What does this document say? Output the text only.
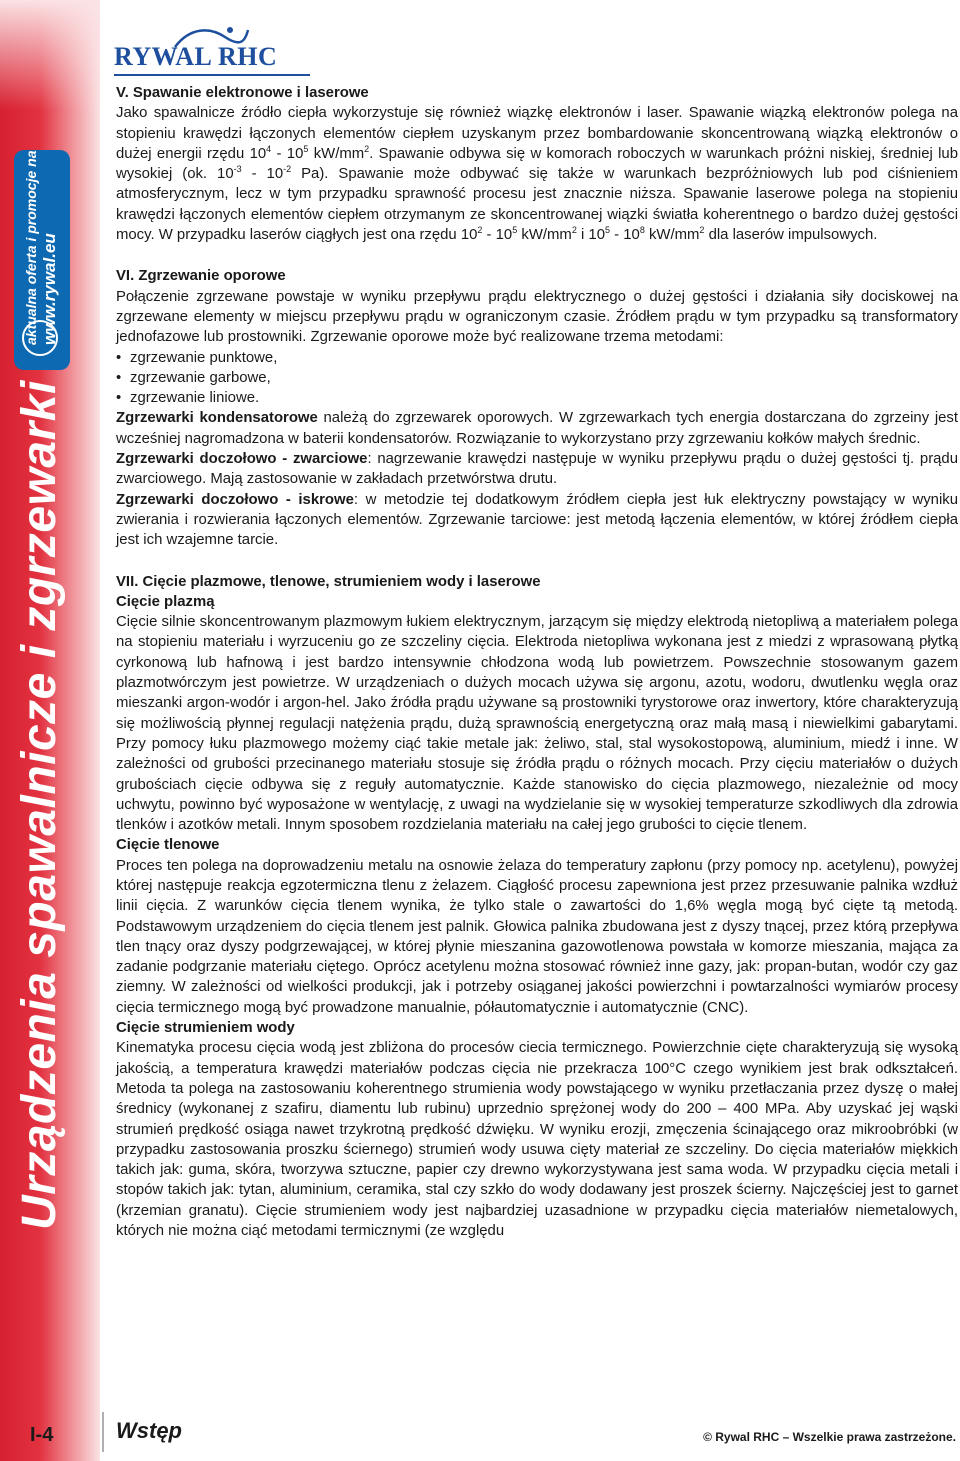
aktualna oferta i promocje na www.rywal.eu
Urządzenia spawalnicze i zgrzewarki
I-4
RYWAL RHC

V. Spawanie elektronowe i laserowe

Jako spawalnicze źródło ciepła wykorzystuje się również wiązkę elektronów i laser. Spawanie wiązką elektronów polega na stopieniu krawędzi łączonych elementów ciepłem uzyskanym przez bombardowanie skoncentrowaną wiązką elektronów o dużej energii rzędu $10^4 - 10^5$ $kW/mm^2$. Spawanie odbywa się w komorach roboczych w warunkach próżni niskiej, średniej lub wysokiej (ok. $10^{-3} - 10^{-2}$ Pa). Spawanie może odbywać się także w warunkach bezpróżniowych lub pod ciśnieniem atmosferycznym, lecz w tym przypadku sprawność procesu jest znacznie niższa. Spawanie laserowe polega na stopieniu krawędzi łączonych elementów ciepłem otrzymanym ze skoncentrowanej wiązki światła koherentnego o bardzo dużej gęstości mocy. W przypadku laserów ciągłych jest ona rzędu $10^2 - 10^5$ $kW/mm^2$ i $10^5 - 10^8$ $kW/mm^2$ dla laserów impulsowych.

VI. Zgrzewanie oporowe

Połączenie zgrzewane powstaje w wyniku przepływu prądu elektrycznego o dużej gęstości i działania siły dociskowej na zgrzewane elementy w miejscu przepływu prądu w ograniczonym czasie. Źródłem prądu w tym przypadku są transformatory jednofazowe lub prostowniki. Zgrzewanie oporowe może być realizowane trzema metodami:

• zgrzewanie punktowe,
• zgrzewanie garbowe,
• zgrzewanie liniowe.

Zgrzewarki kondensatorowe należą do zgrzewarek oporowych. W zgrzewarkach tych energia dostarczana do zgrzeiny jest wcześniej nagromadzona w baterii kondensatorów. Rozwiązanie to wykorzystano przy zgrzewaniu kołków małych średnic.

Zgrzewarki doczołowo - zwarciowe: nagrzewanie krawędzi następuje w wyniku przepływu prądu o dużej gęstości tj. prądu zwarciowego. Mają zastosowanie w zakładach przetwórstwa drutu.

Zgrzewarki doczołowo - iskrowe: w metodzie tej dodatkowym źródłem ciepła jest łuk elektryczny powstający w wyniku zwierania i rozwierania łączonych elementów. Zgrzewanie tarciowe: jest metodą łączenia elementów, w której źródłem ciepła jest ich wzajemne tarcie.

VII. Cięcie plazmowe, tlenowe, strumieniem wody i laserowe

Cięcie plazmą

Cięcie silnie skoncentrowanym plazmowym łukiem elektrycznym, jarzącym się między elektrodą nietopliwą a materiałem polega na stopieniu materiału i wyrzuceniu go ze szczeliny cięcia. Elektroda nietopliwa wykonana jest z miedzi z wprasowaną płytką cyrkonową lub hafnową i jest bardzo intensywnie chłodzona wodą lub powietrzem. Powszechnie stosowanym gazem plazmotwórczym jest powietrze. W urządzeniach o dużych mocach używa się argonu, azotu, wodoru, dwutlenku węgla oraz mieszanki argon-wodór i argon-hel. Jako źródła prądu używane są prostowniki tyrystorowe oraz inwertory, które charakteryzują się możliwością płynnej regulacji natężenia prądu, dużą sprawnością energetyczną oraz małą masą i niewielkimi gabarytami. Przy pomocy łuku plazmowego możemy ciąć takie metale jak: żeliwo, stal, stal wysokostopową, aluminium, miedź i inne. W zależności od grubości przecinanego materiału stosuje się źródła prądu o różnych mocach. Przy cięciu materiałów o dużych grubościach cięcie odbywa się z reguły automatycznie. Każde stanowisko do cięcia plazmowego, niezależnie od mocy uchwytu, powinno być wyposażone w wentylację, z uwagi na wydzielanie się w wysokiej temperaturze szkodliwych dla zdrowia tlenków i azotków metali. Innym sposobem rozdzielania materiału na całej jego grubości to cięcie tlenem.

Cięcie tlenowe

Proces ten polega na doprowadzeniu metalu na osnowie żelaza do temperatury zapłonu (przy pomocy np. acetylenu), powyżej której następuje reakcja egzotermiczna tlenu z żelazem. Ciągłość procesu zapewniona jest przez przesuwanie palnika wzdłuż linii cięcia. Z warunków cięcia tlenem wynika, że tylko stale o zawartości do 1,6% węgla mogą być cięte tą metodą. Podstawowym urządzeniem do cięcia tlenem jest palnik. Głowica palnika zbudowana jest z dyszy tnącej, przez którą przepływa tlen tnący oraz dyszy podgrzewającej, w której płynie mieszanina gazowotlenowa powstała w komorze mieszania, mająca za zadanie podgrzanie materiału ciętego. Oprócz acetylenu można stosować również inne gazy, jak: propan-butan, wodór czy gaz ziemny. W zależności od wielkości produkcji, jak i potrzeby osiąganej jakości powierzchni i powtarzalności wymiarów procesy cięcia termicznego mogą być prowadzone manualnie, półautomatycznie i automatycznie (CNC).

Cięcie strumieniem wody

Kinematyka procesu cięcia wodą jest zbliżona do procesów ciecia termicznego. Powierzchnie cięte charakteryzują się wysoką jakością, a temperatura krawędzi materiałów podczas cięcia nie przekracza 100°C czego wynikiem jest brak odkształceń. Metoda ta polega na zastosowaniu koherentnego strumienia wody powstającego w wyniku przetłaczania przez dyszę o małej średnicy (wykonanej z szafiru, diamentu lub rubinu) uprzednio sprężonej wody do 200 – 400 MPa. Aby uzyskać jej wąski strumień prędkość osiąga nawet trzykrotną prędkość dźwięku. W wyniku erozji, zmęczenia ścinającego oraz mikroobróbki (w przypadku zastosowania proszku ściernego) strumień wody usuwa cięty materiał ze szczeliny. Do cięcia materiałów miękkich takich jak: guma, skóra, tworzywa sztuczne, papier czy drewno wykorzystywana jest sama woda. W przypadku cięcia metali i stopów takich jak: tytan, aluminium, ceramika, stal czy szkło do wody dodawany jest proszek ścierny. Najczęściej jest to garnet (krzemian granatu). Cięcie strumieniem wody jest najbardziej uzasadnione w przypadku cięcia materiałów niemetalowych, których nie można ciąć metodami termicznymi (ze względu

Wstęp	© Rywal RHC – Wszelkie prawa zastrzeżone.
